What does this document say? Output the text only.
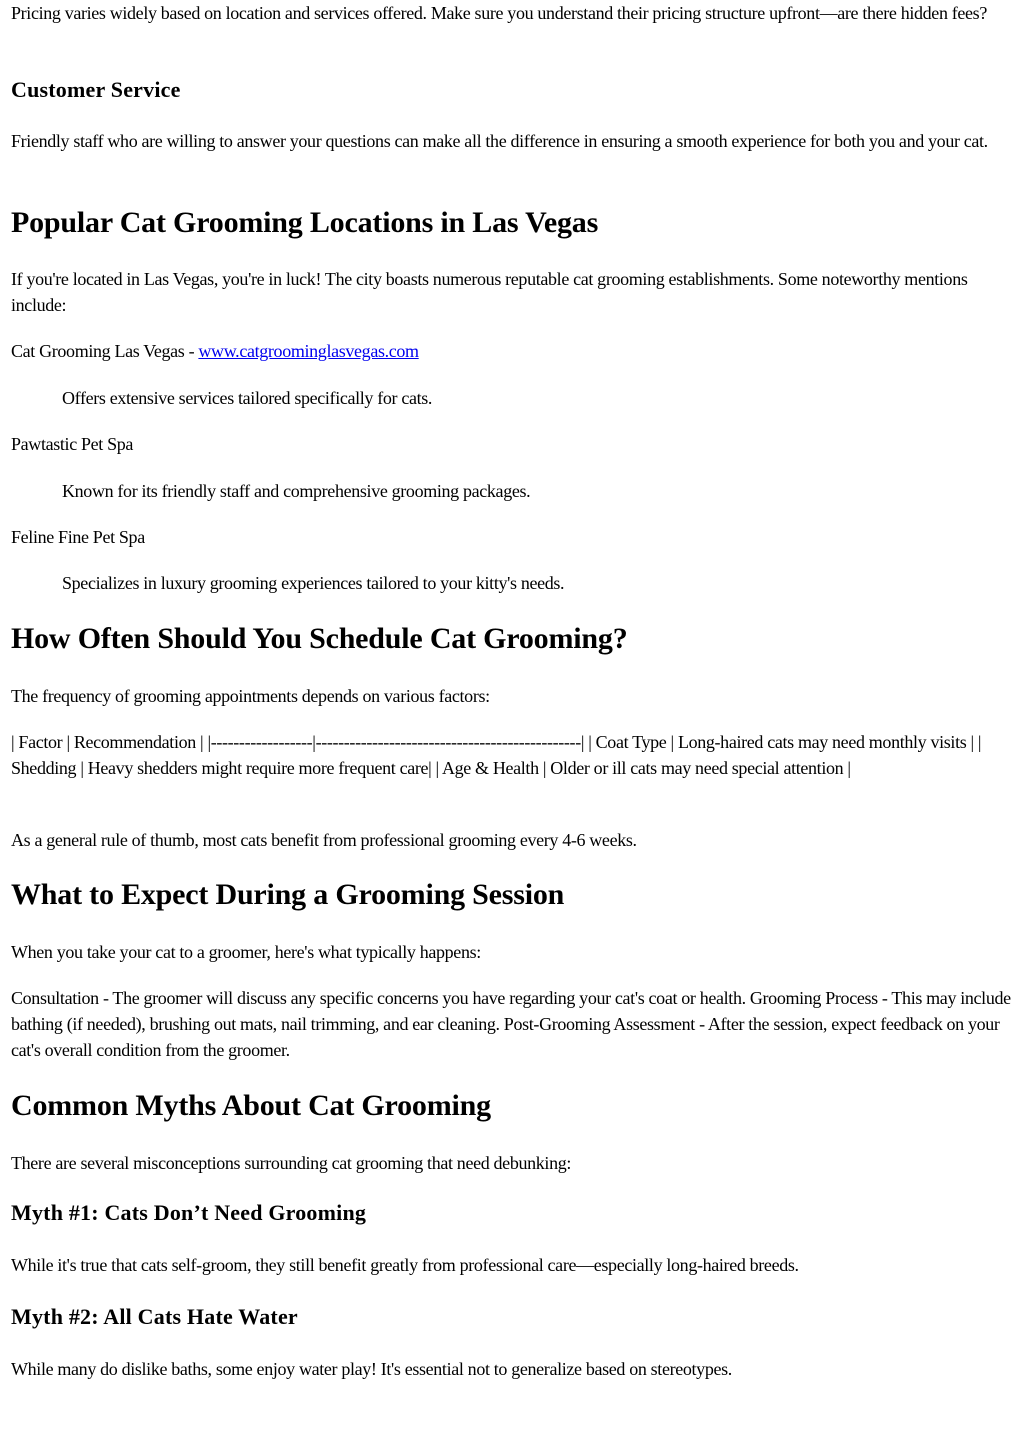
Pricing varies widely based on location and services offered. Make sure you understand their pricing structure upfront—are there hidden fees?

Customer Service

Friendly staff who are willing to answer your questions can make all the difference in ensuring a smooth experience for both you and your cat.

Popular Cat Grooming Locations in Las Vegas

If you're located in Las Vegas, you're in luck! The city boasts numerous reputable cat grooming establishments. Some noteworthy mentions include:

Cat Grooming Las Vegas - www.catgroominglasvegas.com

Offers extensive services tailored specifically for cats.

Pawtastic Pet Spa

Known for its friendly staff and comprehensive grooming packages.

Feline Fine Pet Spa

Specializes in luxury grooming experiences tailored to your kitty's needs.

How Often Should You Schedule Cat Grooming?

The frequency of grooming appointments depends on various factors:

| Factor | Recommendation | |------------------|-----------------------------------------------| | Coat Type | Long-haired cats may need monthly visits | | Shedding | Heavy shedders might require more frequent care| | Age & Health | Older or ill cats may need special attention |

As a general rule of thumb, most cats benefit from professional grooming every 4-6 weeks.

What to Expect During a Grooming Session

When you take your cat to a groomer, here's what typically happens:

Consultation - The groomer will discuss any specific concerns you have regarding your cat's coat or health. Grooming Process - This may include bathing (if needed), brushing out mats, nail trimming, and ear cleaning. Post-Grooming Assessment - After the session, expect feedback on your cat's overall condition from the groomer.

Common Myths About Cat Grooming

There are several misconceptions surrounding cat grooming that need debunking:

Myth #1: Cats Don’t Need Grooming

While it's true that cats self-groom, they still benefit greatly from professional care—especially long-haired breeds.

Myth #2: All Cats Hate Water

While many do dislike baths, some enjoy water play! It's essential not to generalize based on stereotypes.
